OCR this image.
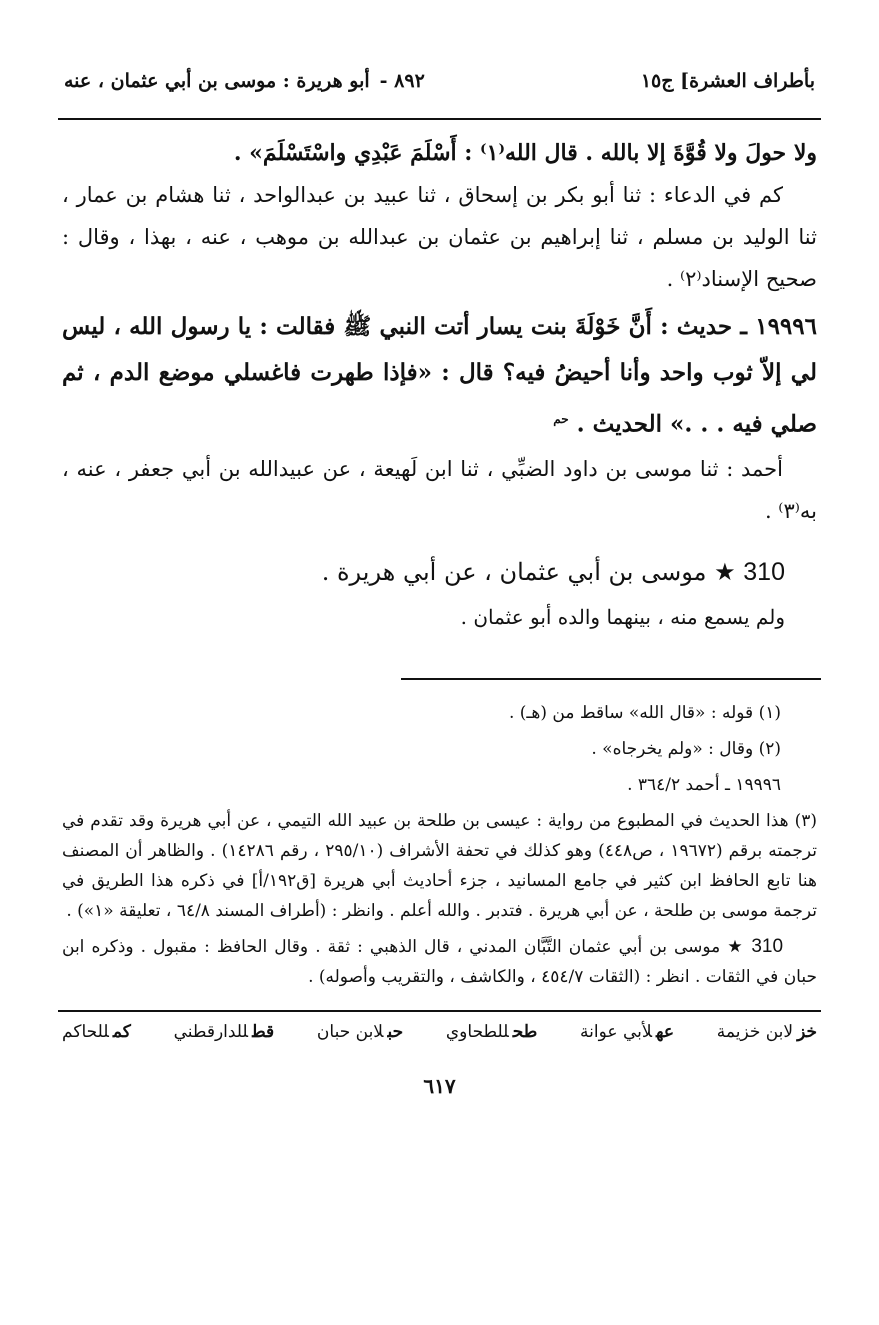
بأطراف العشرة] ج١٥
٨٩٢ -
أبو هريرة : موسى بن أبي عثمان ، عنه

ولا حولَ ولا قُوَّةَ إلا بالله . قال الله⁽١⁾ : أَسْلَمَ عَبْدِي واسْتَسْلَمَ» .

كم في الدعاء : ثنا أبو بكر بن إسحاق ، ثنا عبيد بن عبدالواحد ، ثنا هشام بن عمار ، ثنا الوليد بن مسلم ، ثنا إبراهيم بن عثمان بن عبدالله بن موهب ، عنه ، بهذا ، وقال : صحيح الإسناد⁽٢⁾ .

١٩٩٩٦ ـ حديث : أَنَّ خَوْلَةَ بنت يسار أتت النبي ﷺ فقالت : يا رسول الله ، ليس لي إلاّ ثوب واحد وأنا أحيضُ فيه؟ قال : «فإذا طهرت فاغسلي موضع الدم ، ثم صلي فيه . . .» الحديث . $^{حم}$

أحمد : ثنا موسى بن داود الضبِّي ، ثنا ابن لَهيعة ، عن عبيدالله بن أبي جعفر ، عنه ، به⁽٣⁾ .

310 ★ موسى بن أبي عثمان ، عن أبي هريرة .
ولم يسمع منه ، بينهما والده أبو عثمان .

(١) قوله : «قال الله» ساقط من (هـ) .

(٢) وقال : «ولم يخرجاه» .

١٩٩٩٦ ـ أحمد ٣٦٤/٢ .

(٣) هذا الحديث في المطبوع من رواية : عيسى بن طلحة بن عبيد الله التيمي ، عن أبي هريرة وقد تقدم في ترجمته برقم (١٩٦٧٢ ، ص٤٤٨) وهو كذلك في تحفة الأشراف (٢٩٥/١٠ ، رقم ١٤٢٨٦) . والظاهر أن المصنف هنا تابع الحافظ ابن كثير في جامع المسانيد ، جزء أحاديث أبي هريرة [ق١٩٢/أ] في ذكره هذا الطريق في ترجمة موسى بن طلحة ، عن أبي هريرة . فتدبر . والله أعلم . وانظر : (أطراف المسند ٦٤/٨ ، تعليقة «١») .

310 ★ موسى بن أبي عثمان التَّبَّان المدني ، قال الذهبي : ثقة . وقال الحافظ : مقبول . وذكره ابن حبان في الثقات . انظر : (الثقات ٤٥٤/٧ ، والكاشف ، والتقريب وأصوله) .

خزلابن خزيمة
عهلأبي عوانة
طحللطحاوي
حبلابن حبان
قطللدارقطني
كمللحاكم
٦١٧
